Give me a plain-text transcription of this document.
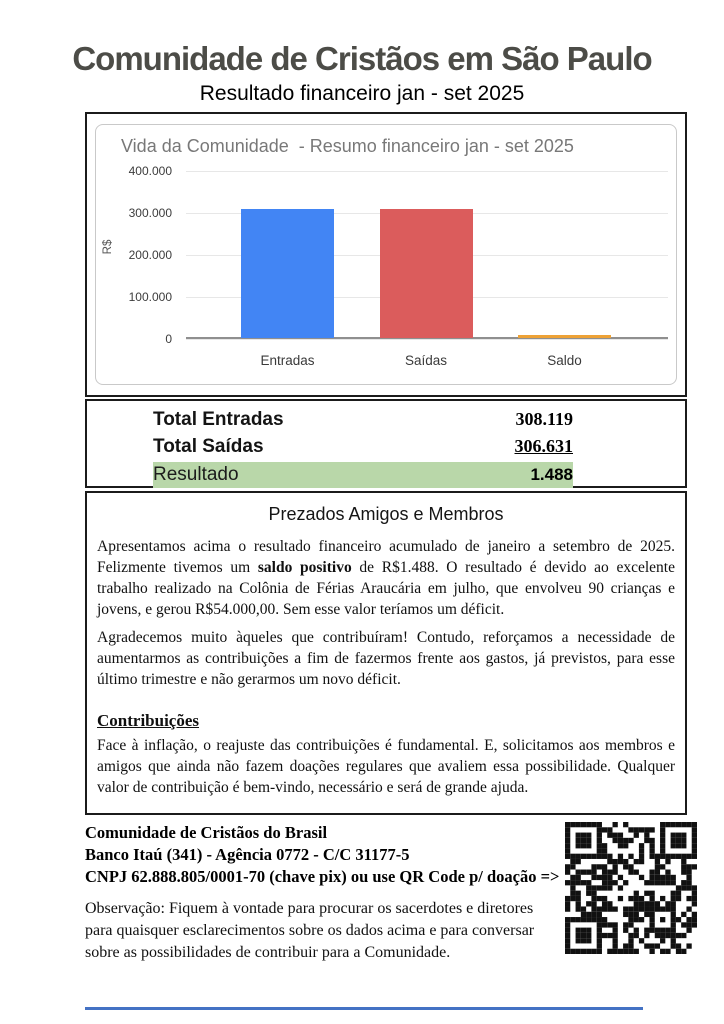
Comunidade de Cristãos em São Paulo
Resultado financeiro jan - set 2025
Vida da Comunidade  - Resumo financeiro jan - set 2025
R$
400.000
300.000
200.000
100.000
0
Entradas	Saídas	Saldo
Total Entradas	308.119
Total Saídas	306.631
Resultado	1.488
Prezados Amigos e Membros

Apresentamos acima o resultado financeiro acumulado de janeiro a setembro de 2025. Felizmente tivemos um saldo positivo de R$1.488. O resultado é devido ao excelente trabalho realizado na Colônia de Férias Araucária em julho, que envolveu 90 crianças e jovens, e gerou R$54.000,00. Sem esse valor teríamos um déficit.

Agradecemos muito àqueles que contribuíram! Contudo, reforçamos a necessidade de aumentarmos as contribuições a fim de fazermos frente aos gastos, já previstos, para esse último trimestre e não gerarmos um novo déficit.

Contribuições

Face à inflação, o reajuste das contribuições é fundamental. E, solicitamos aos membros e amigos que ainda não fazem doações regulares que avaliem essa possibilidade. Qualquer valor de contribuição é bem-vindo, necessário e será de grande ajuda.

Comunidade de Cristãos do Brasil
Banco Itaú (341) - Agência 0772 - C/C 31177-5
CNPJ 62.888.805/0001-70 (chave pix) ou use QR Code p/ doação =>
Observação: Fiquem à vontade para procurar os sacerdotes e diretores para quaisquer esclarecimentos sobre os dados acima e para conversar sobre as possibilidades de contribuir para a Comunidade.
